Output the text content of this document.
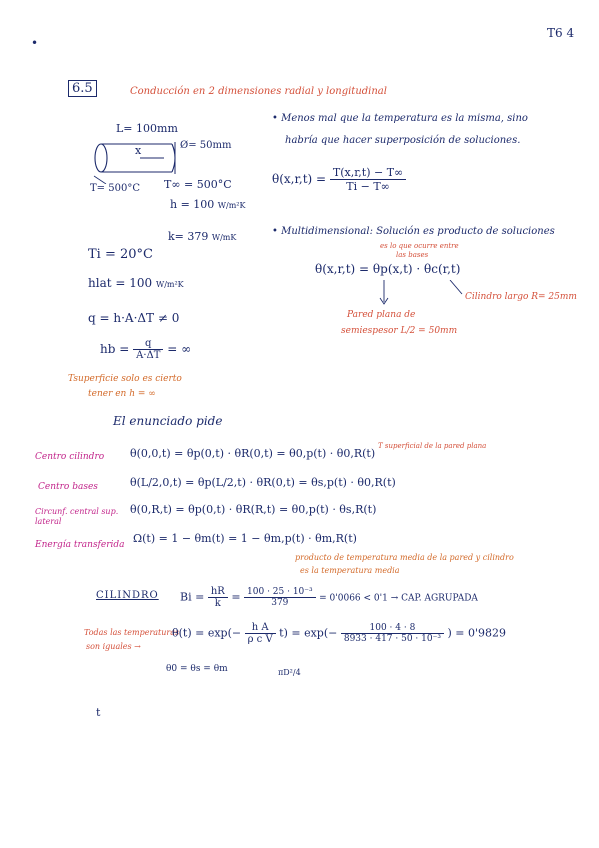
•
T6 4
6.5	Conducción en 2 dimensiones radial y longitudinal
L= 100mm
x	Ø= 50mm
T= 500°C T∞ = 500°C
h = 100 W/m²K
k= 379 W/mK
Ti = 20°C
hlat = 100 W/m²K
q = h·A·ΔT ≠ 0
hb = $\frac{q}{A\cdot\Delta T}$ = ∞
Tsuperficie solo es cierto
tener en h = ∞
• Menos mal que la temperatura es la misma, sino
habría que hacer superposición de soluciones.
$\theta(x,r,t) = \frac{T(x,r,t) - T\infty}{Ti - T\infty}$
• Multidimensional: Solución es producto de soluciones
es lo que ocurre entre
las bases
θ(x,r,t) = θp(x,t) · θc(r,t)
Pared plana de
semiespesor L/2 = 50mm
Cilindro largo R= 25mm
El enunciado pide
Centro cilindro θ(0,0,t) = θp(0,t) · θR(0,t) = θ0,p(t) · θ0,R(t)
T superficial de la pared plana
Centro bases	θ(L/2,0,t) = θp(L/2,t) · θR(0,t) = θs,p(t) · θ0,R(t)
Circunf. central sup. lateral
θ(0,R,t) = θp(0,t) · θR(R,t) = θ0,p(t) · θs,R(t)
Energía transferida Ω(t) = 1 − θm(t) = 1 − θm,p(t) · θm,R(t)
producto de temperatura media de la pared y cilindro
es la temperatura media
CILINDRO $Bi = \frac{hR}{k} = \frac{\text{100 · 25 · 10⁻³}}{379} = 0'0066 < 0'1$ → CAP. AGRUPADA
Todas las temperaturas
son iguales →
$\theta(t) = \exp(- \frac{\text{h A}}{\text{ρ c V}} t) = \exp(- \frac{100 \cdot 4 \cdot 8}{\text{8933 · 417 · 50 · 10⁻³}}$ ) = 0'9829
θ0 = θs = θm	πD²/4
t
